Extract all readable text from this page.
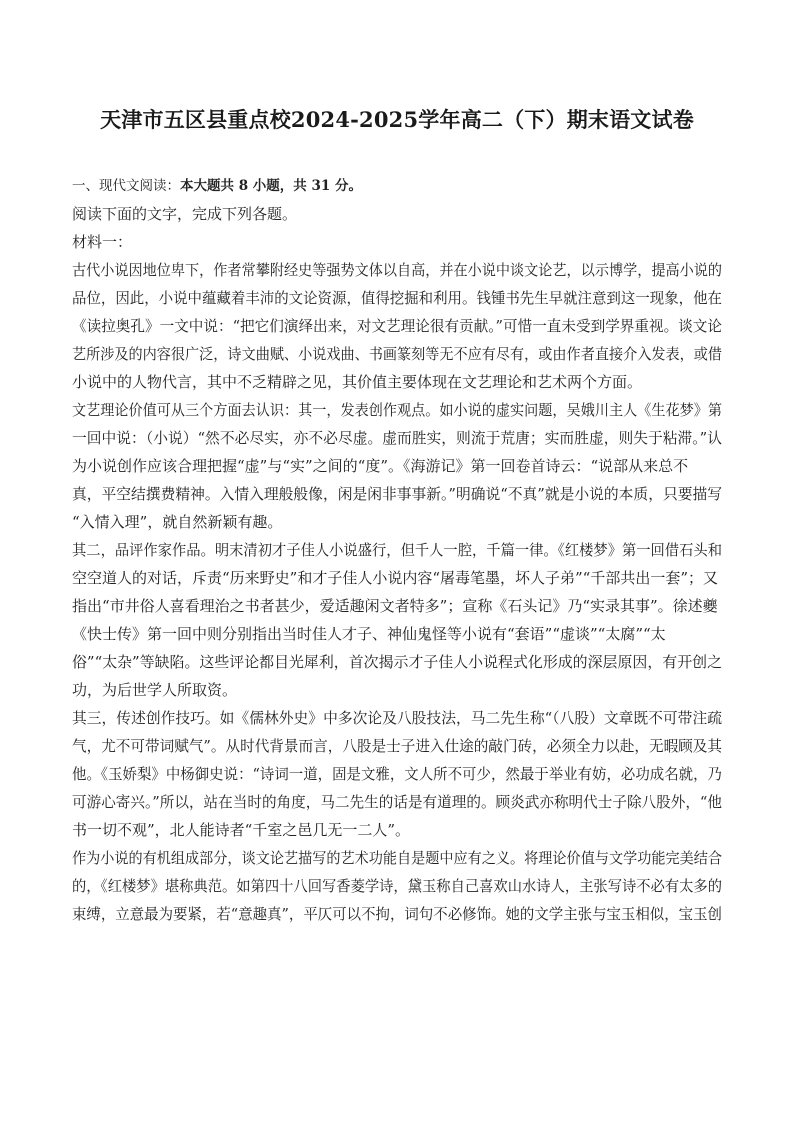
天津市五区县重点校2024-2025学年高二（下）期末语文试卷
一、现代文阅读：本大题共 8 小题，共 31 分。
阅读下面的文字，完成下列各题。
材料一：
古代小说因地位卑下，作者常攀附经史等强势文体以自高，并在小说中谈文论艺，以示博学，提高小说的
品位，因此，小说中蕴藏着丰沛的文论资源，值得挖掘和利用。钱锺书先生早就注意到这一现象，他在
《读拉奥孔》一文中说：“把它们演绎出来，对文艺理论很有贡献。”可惜一直未受到学界重视。谈文论
艺所涉及的内容很广泛，诗文曲赋、小说戏曲、书画篆刻等无不应有尽有，或由作者直接介入发表，或借
小说中的人物代言，其中不乏精辟之见，其价值主要体现在文艺理论和艺术两个方面。
文艺理论价值可从三个方面去认识：其一，发表创作观点。如小说的虚实问题，吴娥川主人《生花梦》第
一回中说：（小说）“然不必尽实，亦不必尽虚。虚而胜实，则流于荒唐；实而胜虚，则失于粘滞。”认
为小说创作应该合理把握“虚”与“实”之间的“度”。《海游记》第一回卷首诗云：“说部从来总不
真，平空结撰费精神。入情入理般般像，闲是闲非事事新。”明确说“不真”就是小说的本质，只要描写
“入情入理”，就自然新颖有趣。
其二，品评作家作品。明末清初才子佳人小说盛行，但千人一腔，千篇一律。《红楼梦》第一回借石头和
空空道人的对话，斥责“历来野史”和才子佳人小说内容“屠毒笔墨，坏人子弟”“千部共出一套”；又
指出“市井俗人喜看理治之书者甚少，爱适趣闲文者特多”；宣称《石头记》乃“实录其事”。徐述夔
《快士传》第一回中则分别指出当时佳人才子、神仙鬼怪等小说有“套语”“虚谈”“太腐”“太
俗”“太杂”等缺陷。这些评论都目光犀利，首次揭示才子佳人小说程式化形成的深层原因，有开创之
功，为后世学人所取资。
其三，传述创作技巧。如《儒林外史》中多次论及八股技法，马二先生称“（八股）文章既不可带注疏
气，尤不可带词赋气”。从时代背景而言，八股是士子进入仕途的敲门砖，必须全力以赴，无暇顾及其
他。《玉娇梨》中杨御史说：“诗词一道，固是文雅，文人所不可少，然最于举业有妨，必功成名就，乃
可游心寄兴。”所以，站在当时的角度，马二先生的话是有道理的。顾炎武亦称明代士子除八股外，“他
书一切不观”，北人能诗者“千室之邑几无一二人”。
作为小说的有机组成部分，谈文论艺描写的艺术功能自是题中应有之义。将理论价值与文学功能完美结合
的，《红楼梦》堪称典范。如第四十八回写香菱学诗，黛玉称自己喜欢山水诗人，主张写诗不必有太多的
束缚，立意最为要紧，若“意趣真”，平仄可以不拘，词句不必修饰。她的文学主张与宝玉相似，宝玉创
